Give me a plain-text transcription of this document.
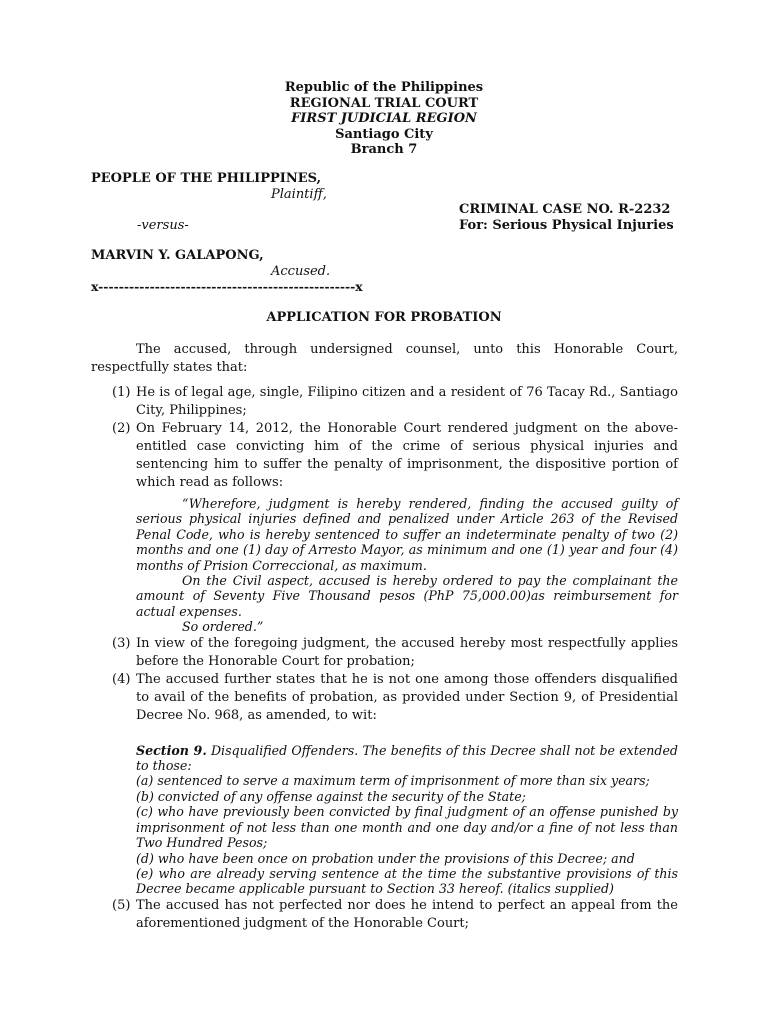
Republic of the Philippines
REGIONAL TRIAL COURT
FIRST JUDICIAL REGION
Santiago City
Branch 7
PEOPLE OF THE PHILIPPINES,
Plaintiff,
CRIMINAL CASE NO. R-2232
-versus-	For: Serious Physical Injuries
MARVIN Y. GALAPONG,
Accused.
x--------------------------------------------------x
APPLICATION FOR PROBATION
The accused, through undersigned counsel, unto this Honorable Court, respectfully states that:
(1) He is of legal age, single, Filipino citizen and a resident of 76 Tacay Rd., Santiago City, Philippines;
(2) On February 14, 2012, the Honorable Court rendered judgment on the above-entitled case convicting him of the crime of serious physical injuries and sentencing him to suffer the penalty of imprisonment, the dispositive portion of which read as follows:
“Wherefore, judgment is hereby rendered, finding the accused guilty of serious physical injuries defined and penalized under Article 263 of the Revised Penal Code, who is hereby sentenced to suffer an indeterminate penalty of two (2) months and one (1) day of Arresto Mayor, as minimum and one (1) year and four (4) months of Prision Correccional, as maximum.
On the Civil aspect, accused is hereby ordered to pay the complainant the amount of Seventy Five Thousand pesos (PhP 75,000.00)as reimbursement for actual expenses.
So ordered.”
(3) In view of the foregoing judgment, the accused hereby most respectfully applies before the Honorable Court for probation;
(4) The accused further states that he is not one among those offenders disqualified to avail of the benefits of probation, as provided under Section 9, of Presidential Decree No. 968, as amended, to wit:
Section 9. Disqualified Offenders. The benefits of this Decree shall not be extended to those:
(a) sentenced to serve a maximum term of imprisonment of more than six years;
(b) convicted of any offense against the security of the State;
(c) who have previously been convicted by final judgment of an offense punished by imprisonment of not less than one month and one day and/or a fine of not less than Two Hundred Pesos;
(d) who have been once on probation under the provisions of this Decree; and
(e) who are already serving sentence at the time the substantive provisions of this Decree became applicable pursuant to Section 33 hereof. (italics supplied)
(5) The accused has not perfected nor does he intend to perfect an appeal from the aforementioned judgment of the Honorable Court;
